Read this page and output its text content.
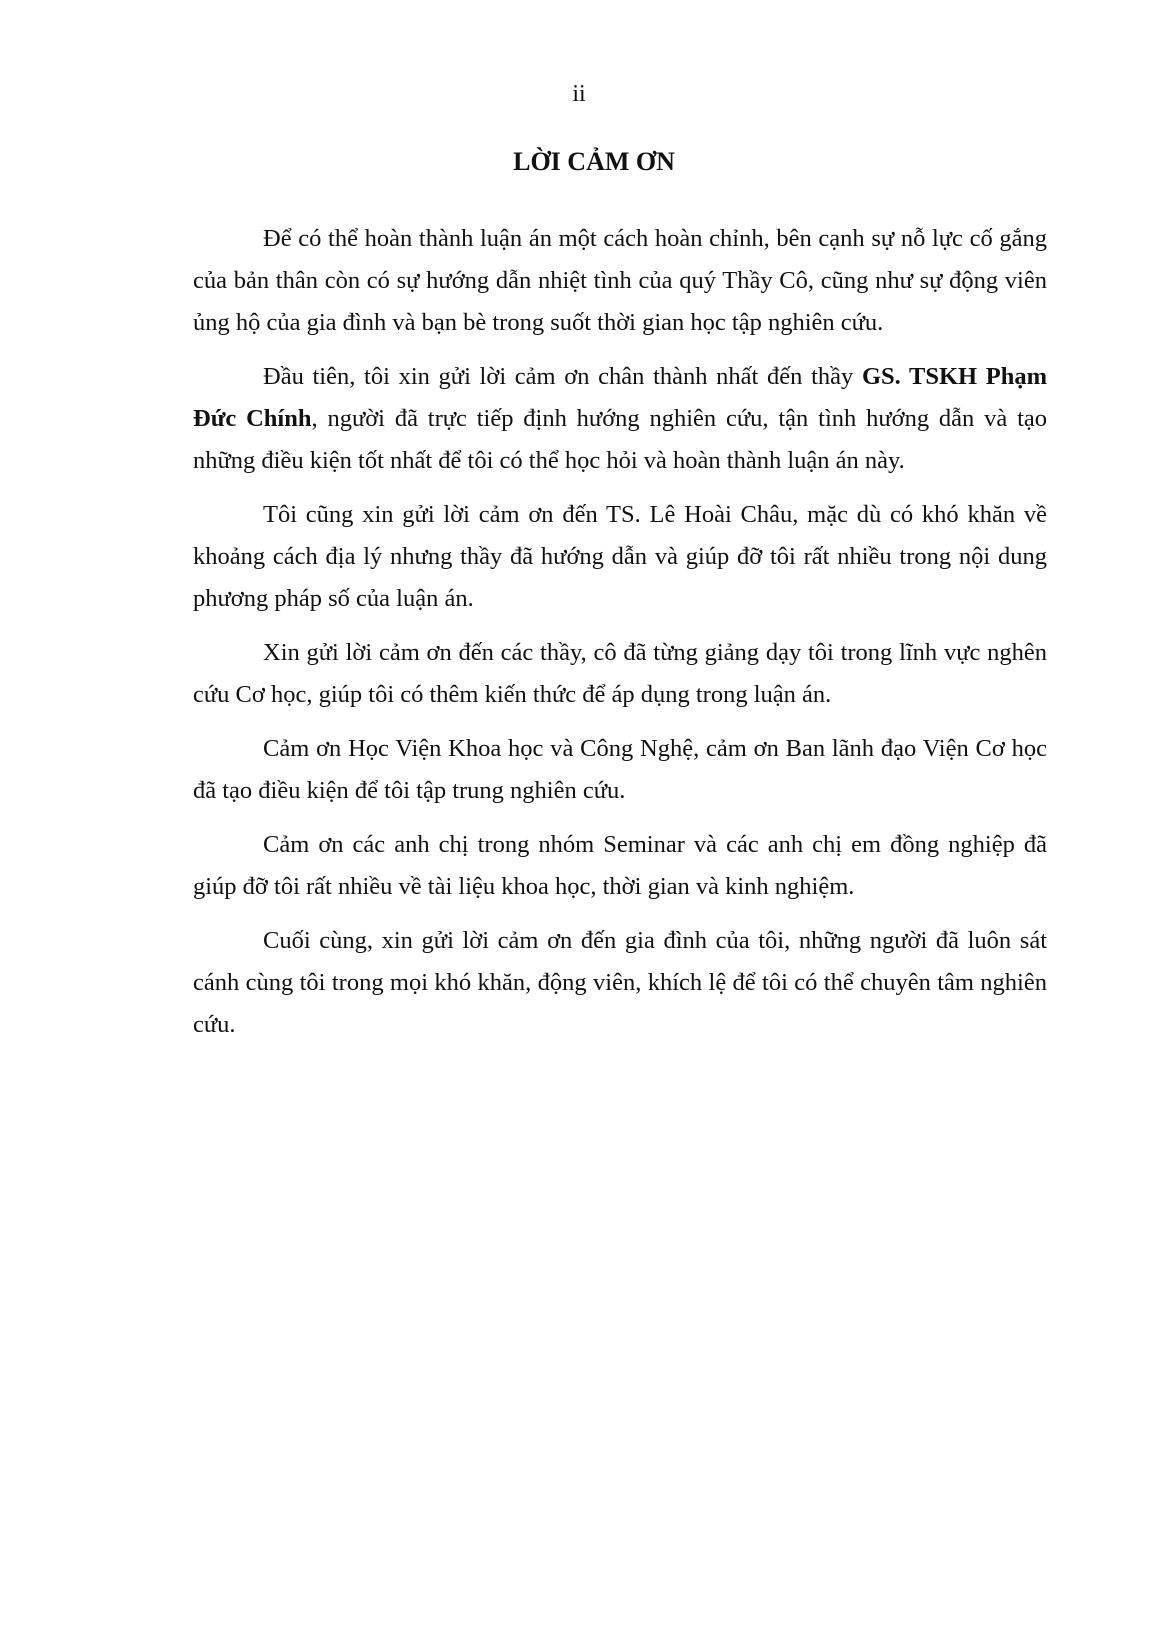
ii
LỜI CẢM ƠN

Để có thể hoàn thành luận án một cách hoàn chỉnh, bên cạnh sự nỗ lực cố gắng của bản thân còn có sự hướng dẫn nhiệt tình của quý Thầy Cô, cũng như sự động viên ủng hộ của gia đình và bạn bè trong suốt thời gian học tập nghiên cứu.

Đầu tiên, tôi xin gửi lời cảm ơn chân thành nhất đến thầy GS. TSKH Phạm Đức Chính, người đã trực tiếp định hướng nghiên cứu, tận tình hướng dẫn và tạo những điều kiện tốt nhất để tôi có thể học hỏi và hoàn thành luận án này.

Tôi cũng xin gửi lời cảm ơn đến TS. Lê Hoài Châu, mặc dù có khó khăn về khoảng cách địa lý nhưng thầy đã hướng dẫn và giúp đỡ tôi rất nhiều trong nội dung phương pháp số của luận án.

Xin gửi lời cảm ơn đến các thầy, cô đã từng giảng dạy tôi trong lĩnh vực nghên cứu Cơ học, giúp tôi có thêm kiến thức để áp dụng trong luận án.

Cảm ơn Học Viện Khoa học và Công Nghệ, cảm ơn Ban lãnh đạo Viện Cơ học đã tạo điều kiện để tôi tập trung nghiên cứu.

Cảm ơn các anh chị trong nhóm Seminar và các anh chị em đồng nghiệp đã giúp đỡ tôi rất nhiều về tài liệu khoa học, thời gian và kinh nghiệm.

Cuối cùng, xin gửi lời cảm ơn đến gia đình của tôi, những người đã luôn sát cánh cùng tôi trong mọi khó khăn, động viên, khích lệ để tôi có thể chuyên tâm nghiên cứu.
